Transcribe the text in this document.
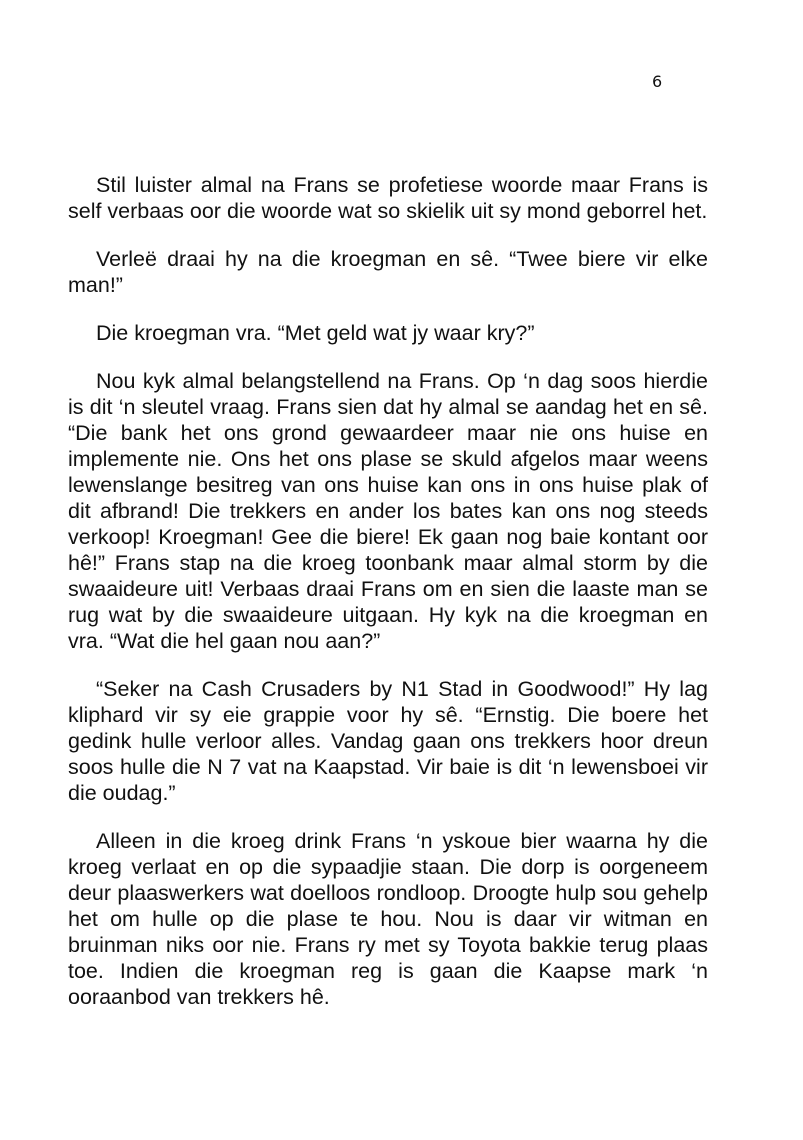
6

Stil luister almal na Frans se profetiese woorde maar Frans is self verbaas oor die woorde wat so skielik uit sy mond geborrel het.

Verleë draai hy na die kroegman en sê. “Twee biere vir elke man!”

Die kroegman vra. “Met geld wat jy waar kry?”

Nou kyk almal belangstellend na Frans. Op ‘n dag soos hierdie is dit ‘n sleutel vraag. Frans sien dat hy almal se aandag het en sê. “Die bank het ons grond gewaardeer maar nie ons huise en implemente nie. Ons het ons plase se skuld afgelos maar weens lewenslange besitreg van ons huise kan ons in ons huise plak of dit afbrand! Die trekkers en ander los bates kan ons nog steeds verkoop! Kroegman! Gee die biere! Ek gaan nog baie kontant oor hê!” Frans stap na die kroeg toonbank maar almal storm by die swaaideure uit! Verbaas draai Frans om en sien die laaste man se rug wat by die swaaideure uitgaan. Hy kyk na die kroegman en vra. “Wat die hel gaan nou aan?”

“Seker na Cash Crusaders by N1 Stad in Goodwood!” Hy lag kliphard vir sy eie grappie voor hy sê. “Ernstig. Die boere het gedink hulle verloor alles. Vandag gaan ons trekkers hoor dreun soos hulle die N 7 vat na Kaapstad. Vir baie is dit ‘n lewensboei vir die oudag.”

Alleen in die kroeg drink Frans ‘n yskoue bier waarna hy die kroeg verlaat en op die sypaadjie staan. Die dorp is oorgeneem deur plaaswerkers wat doelloos rondloop. Droogte hulp sou gehelp het om hulle op die plase te hou. Nou is daar vir witman en bruinman niks oor nie. Frans ry met sy Toyota bakkie terug plaas toe. Indien die kroegman reg is gaan die Kaapse mark ‘n ooraanbod van trekkers hê.
